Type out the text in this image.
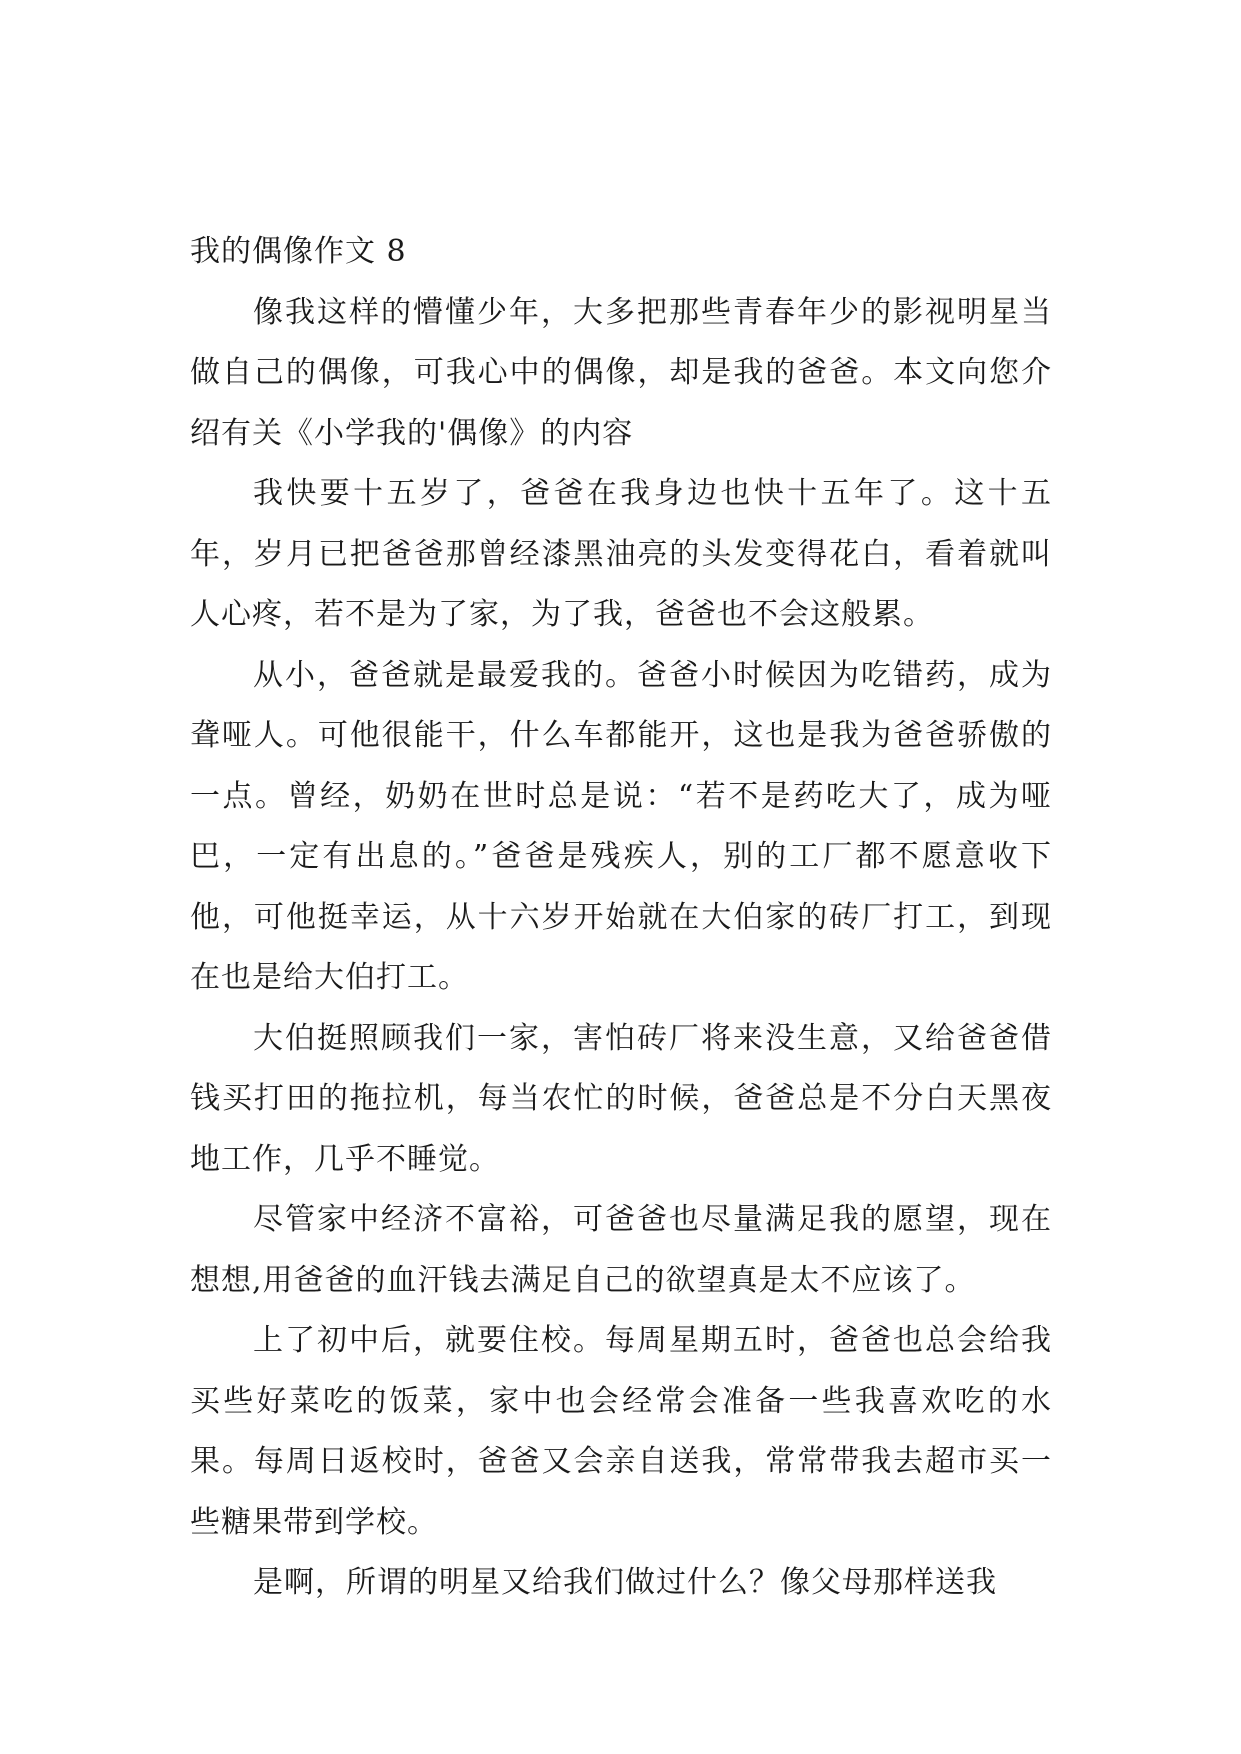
我的偶像作文 8

像我这样的懵懂少年，大多把那些青春年少的影视明星当做自己的偶像，可我心中的偶像，却是我的爸爸。本文向您介绍有关《小学我的'偶像》的内容

我快要十五岁了，爸爸在我身边也快十五年了。这十五年，岁月已把爸爸那曾经漆黑油亮的头发变得花白，看着就叫人心疼，若不是为了家，为了我，爸爸也不会这般累。

从小，爸爸就是最爱我的。爸爸小时候因为吃错药，成为聋哑人。可他很能干，什么车都能开，这也是我为爸爸骄傲的一点。曾经，奶奶在世时总是说：“若不是药吃大了，成为哑巴，一定有出息的。”爸爸是残疾人，别的工厂都不愿意收下他，可他挺幸运，从十六岁开始就在大伯家的砖厂打工，到现在也是给大伯打工。

大伯挺照顾我们一家，害怕砖厂将来没生意，又给爸爸借钱买打田的拖拉机，每当农忙的时候，爸爸总是不分白天黑夜地工作，几乎不睡觉。

尽管家中经济不富裕，可爸爸也尽量满足我的愿望，现在想想,用爸爸的血汗钱去满足自己的欲望真是太不应该了。

上了初中后，就要住校。每周星期五时，爸爸也总会给我买些好菜吃的饭菜，家中也会经常会准备一些我喜欢吃的水果。每周日返校时，爸爸又会亲自送我，常常带我去超市买一些糖果带到学校。

是啊，所谓的明星又给我们做过什么？像父母那样送我
